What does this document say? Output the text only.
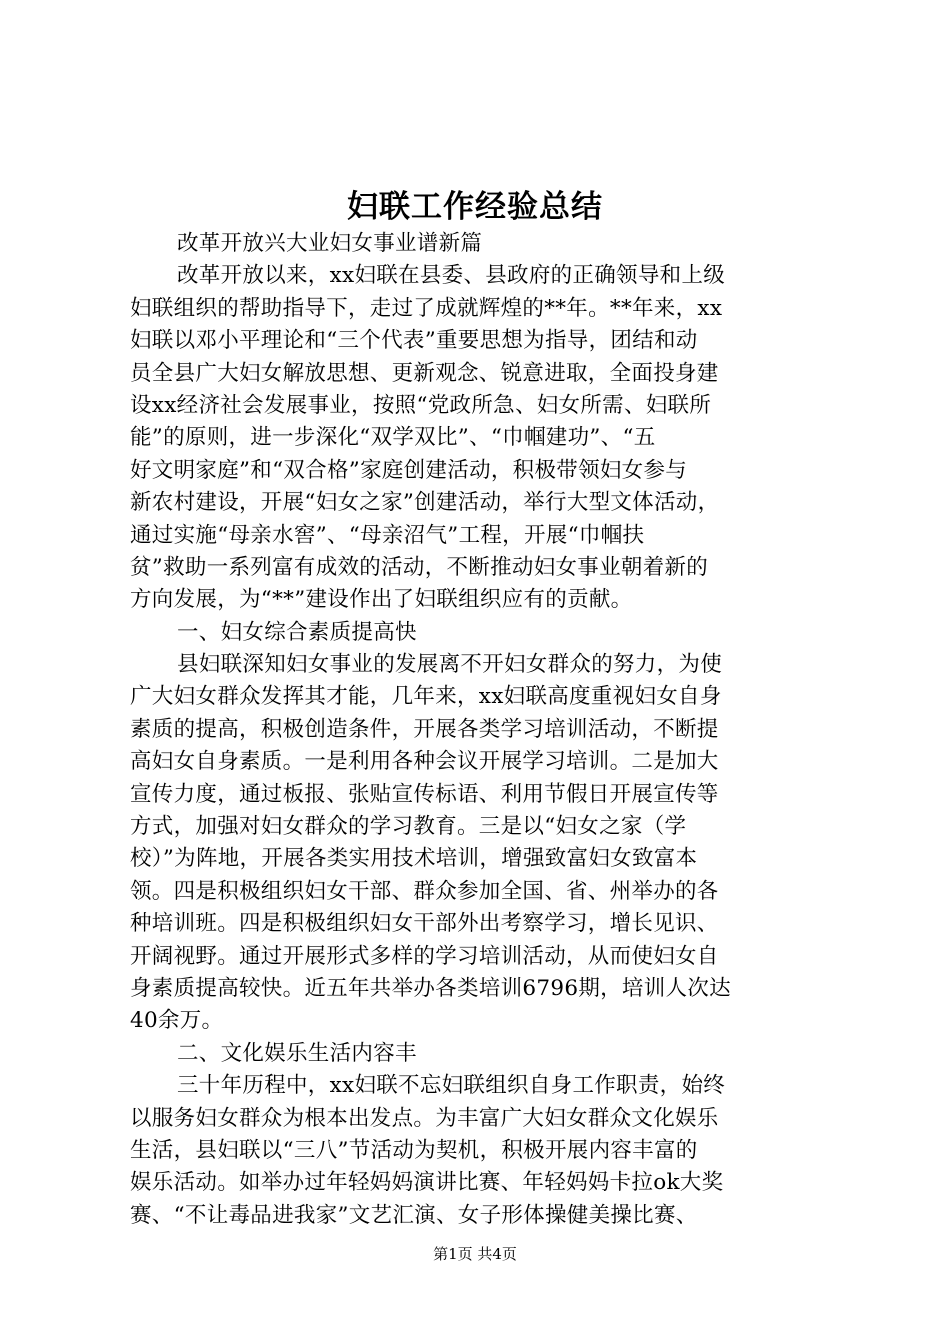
妇联工作经验总结
改革开放兴大业妇女事业谱新篇
改革开放以来，xx妇联在县委、县政府的正确领导和上级
妇联组织的帮助指导下，走过了成就辉煌的**年。**年来，xx
妇联以邓小平理论和“三个代表”重要思想为指导，团结和动
员全县广大妇女解放思想、更新观念、锐意进取，全面投身建
设xx经济社会发展事业，按照“党政所急、妇女所需、妇联所
能”的原则，进一步深化“双学双比”、“巾帼建功”、“五
好文明家庭”和“双合格”家庭创建活动，积极带领妇女参与
新农村建设，开展“妇女之家”创建活动，举行大型文体活动，
通过实施“母亲水窖”、“母亲沼气”工程，开展“巾帼扶
贫”救助一系列富有成效的活动，不断推动妇女事业朝着新的
方向发展，为“**”建设作出了妇联组织应有的贡献。
一、妇女综合素质提高快
县妇联深知妇女事业的发展离不开妇女群众的努力，为使
广大妇女群众发挥其才能，几年来，xx妇联高度重视妇女自身
素质的提高，积极创造条件，开展各类学习培训活动，不断提
高妇女自身素质。一是利用各种会议开展学习培训。二是加大
宣传力度，通过板报、张贴宣传标语、利用节假日开展宣传等
方式，加强对妇女群众的学习教育。三是以“妇女之家（学
校）”为阵地，开展各类实用技术培训，增强致富妇女致富本
领。四是积极组织妇女干部、群众参加全国、省、州举办的各
种培训班。四是积极组织妇女干部外出考察学习，增长见识、
开阔视野。通过开展形式多样的学习培训活动，从而使妇女自
身素质提高较快。近五年共举办各类培训6796期，培训人次达
40余万。
二、文化娱乐生活内容丰
三十年历程中，xx妇联不忘妇联组织自身工作职责，始终
以服务妇女群众为根本出发点。为丰富广大妇女群众文化娱乐
生活，县妇联以“三八”节活动为契机，积极开展内容丰富的
娱乐活动。如举办过年轻妈妈演讲比赛、年轻妈妈卡拉ok大奖
赛、“不让毒品进我家”文艺汇演、女子形体操健美操比赛、
第1页 共4页
